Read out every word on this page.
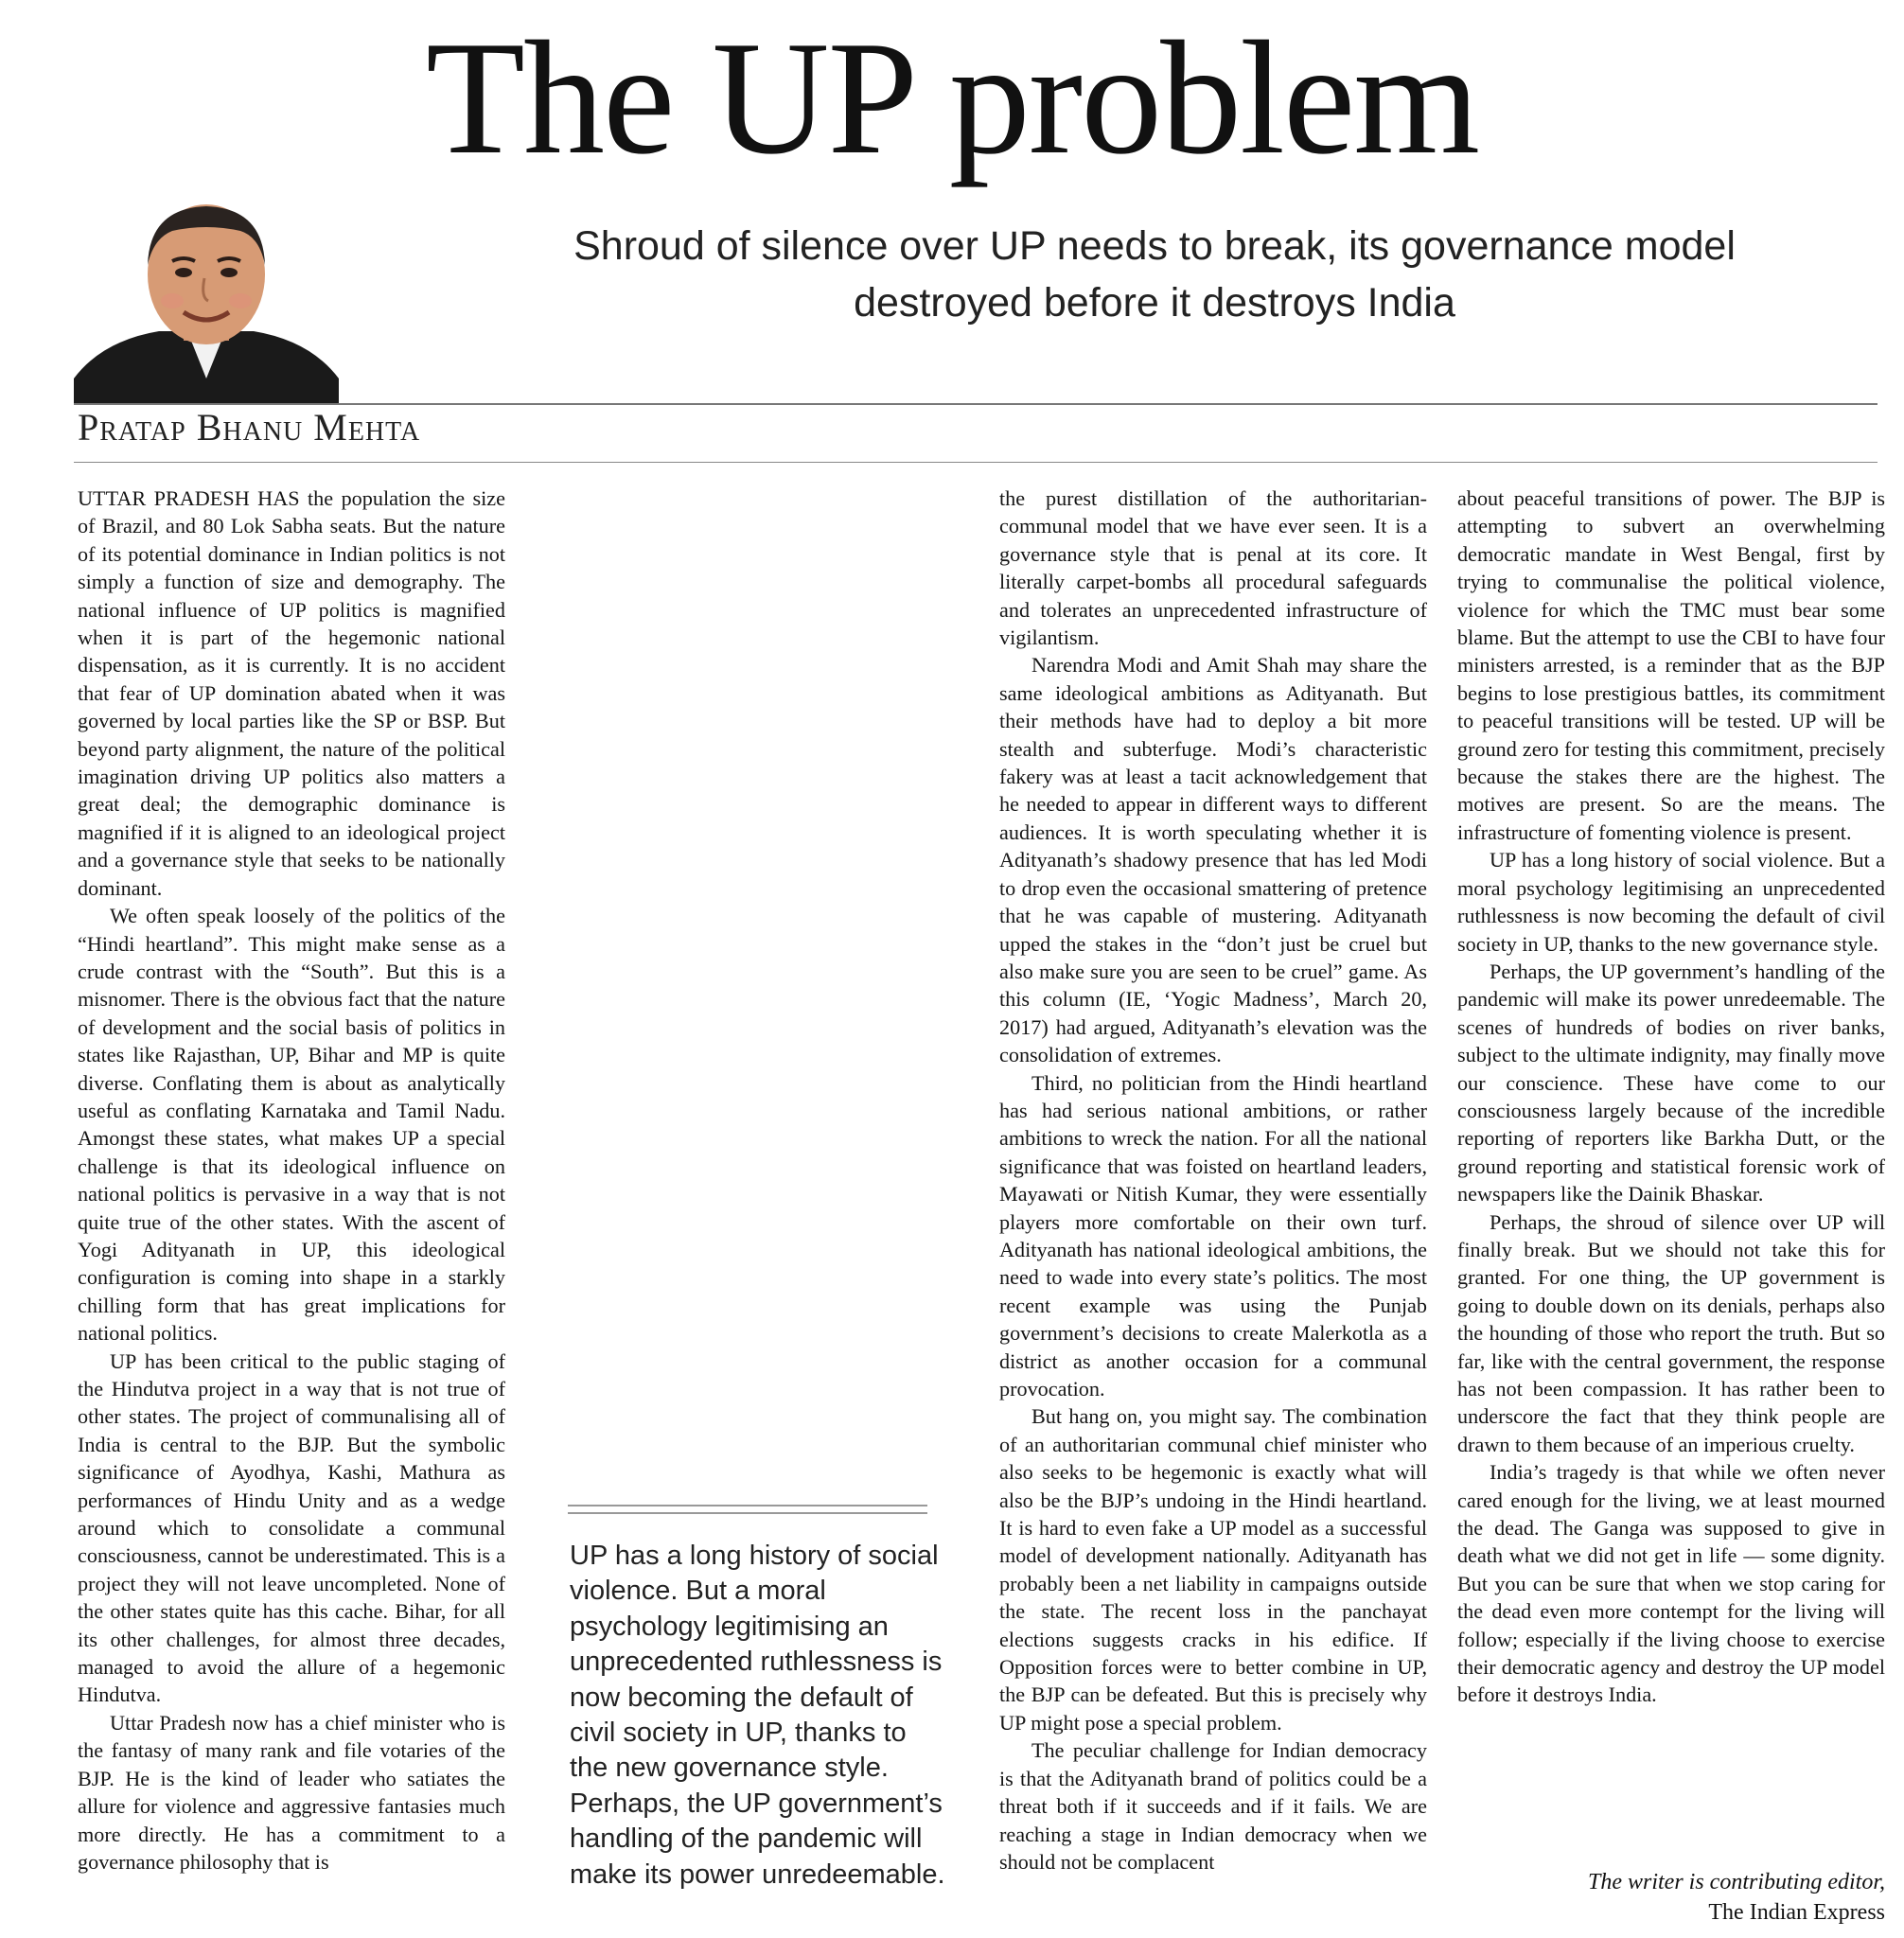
The UP problem
Shroud of silence over UP needs to break, its governance model destroyed before it destroys India
Pratap Bhanu Mehta

UTTAR PRADESH HAS the population the size of Brazil, and 80 Lok Sabha seats. But the nature of its potential dominance in Indian politics is not simply a function of size and demography. The national influence of UP politics is magnified when it is part of the hegemonic national dispensation, as it is currently. It is no accident that fear of UP domination abated when it was governed by local parties like the SP or BSP. But beyond party alignment, the nature of the political imagination driving UP politics also matters a great deal; the demographic dominance is magnified if it is aligned to an ideological project and a governance style that seeks to be nationally dominant.

We often speak loosely of the politics of the “Hindi heartland”. This might make sense as a crude contrast with the “South”. But this is a misnomer. There is the obvious fact that the nature of development and the social basis of politics in states like Rajasthan, UP, Bihar and MP is quite diverse. Conflating them is about as analytically useful as conflating Karnataka and Tamil Nadu. Amongst these states, what makes UP a special challenge is that its ideological influence on national politics is pervasive in a way that is not quite true of the other states. With the ascent of Yogi Adityanath in UP, this ideological configuration is coming into shape in a starkly chilling form that has great implications for national politics.

UP has been critical to the public staging of the Hindutva project in a way that is not true of other states. The project of communalising all of India is central to the BJP. But the symbolic significance of Ayodhya, Kashi, Mathura as performances of Hindu Unity and as a wedge around which to consolidate a communal consciousness, cannot be underestimated. This is a project they will not leave uncompleted. None of the other states quite has this cache. Bihar, for all its other challenges, for almost three decades, managed to avoid the allure of a hegemonic Hindutva.

Uttar Pradesh now has a chief minister who is the fantasy of many rank and file votaries of the BJP. He is the kind of leader who satiates the allure for violence and aggressive fantasies much more directly. He has a commitment to a governance philosophy that is

UP has a long history of social violence. But a moral psychology legitimising an unprecedented ruthlessness is now becoming the default of civil society in UP, thanks to the new governance style. Perhaps, the UP government’s handling of the pandemic will make its power unredeemable.

the purest distillation of the authoritarian-communal model that we have ever seen. It is a governance style that is penal at its core. It literally carpet-bombs all procedural safeguards and tolerates an unprecedented infrastructure of vigilantism.

Narendra Modi and Amit Shah may share the same ideological ambitions as Adityanath. But their methods have had to deploy a bit more stealth and subterfuge. Modi’s characteristic fakery was at least a tacit acknowledgement that he needed to appear in different ways to different audiences. It is worth speculating whether it is Adityanath’s shadowy presence that has led Modi to drop even the occasional smattering of pretence that he was capable of mustering. Adityanath upped the stakes in the “don’t just be cruel but also make sure you are seen to be cruel” game. As this column (IE, ‘Yogic Madness’, March 20, 2017) had argued, Adityanath’s elevation was the consolidation of extremes.

Third, no politician from the Hindi heartland has had serious national ambitions, or rather ambitions to wreck the nation. For all the national significance that was foisted on heartland leaders, Mayawati or Nitish Kumar, they were essentially players more comfortable on their own turf. Adityanath has national ideological ambitions, the need to wade into every state’s politics. The most recent example was using the Punjab government’s decisions to create Malerkotla as a district as another occasion for a communal provocation.

But hang on, you might say. The combination of an authoritarian communal chief minister who also seeks to be hegemonic is exactly what will also be the BJP’s undoing in the Hindi heartland. It is hard to even fake a UP model as a successful model of development nationally. Adityanath has probably been a net liability in campaigns outside the state. The recent loss in the panchayat elections suggests cracks in his edifice. If Opposition forces were to better combine in UP, the BJP can be defeated. But this is precisely why UP might pose a special problem.

The peculiar challenge for Indian democracy is that the Adityanath brand of politics could be a threat both if it succeeds and if it fails. We are reaching a stage in Indian democracy when we should not be complacent

about peaceful transitions of power. The BJP is attempting to subvert an overwhelming democratic mandate in West Bengal, first by trying to communalise the political violence, violence for which the TMC must bear some blame. But the attempt to use the CBI to have four ministers arrested, is a reminder that as the BJP begins to lose prestigious battles, its commitment to peaceful transitions will be tested. UP will be ground zero for testing this commitment, precisely because the stakes there are the highest. The motives are present. So are the means. The infrastructure of fomenting violence is present.

UP has a long history of social violence. But a moral psychology legitimising an unprecedented ruthlessness is now becoming the default of civil society in UP, thanks to the new governance style.

Perhaps, the UP government’s handling of the pandemic will make its power unredeemable. The scenes of hundreds of bodies on river banks, subject to the ultimate indignity, may finally move our conscience. These have come to our consciousness largely because of the incredible reporting of reporters like Barkha Dutt, or the ground reporting and statistical forensic work of newspapers like the Dainik Bhaskar.

Perhaps, the shroud of silence over UP will finally break. But we should not take this for granted. For one thing, the UP government is going to double down on its denials, perhaps also the hounding of those who report the truth. But so far, like with the central government, the response has not been compassion. It has rather been to underscore the fact that they think people are drawn to them because of an imperious cruelty.

India’s tragedy is that while we often never cared enough for the living, we at least mourned the dead. The Ganga was supposed to give in death what we did not get in life — some dignity. But you can be sure that when we stop caring for the dead even more contempt for the living will follow; especially if the living choose to exercise their democratic agency and destroy the UP model before it destroys India.

The writer is contributing editor,
The Indian Express
